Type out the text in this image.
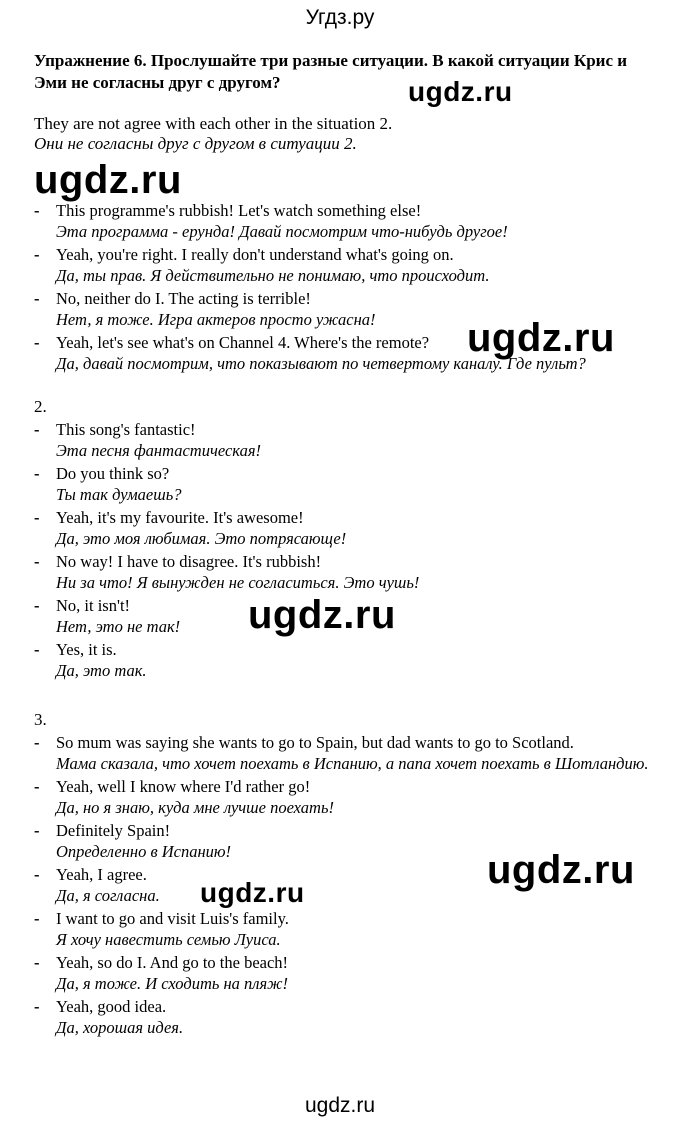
Угдз.ру
Упражнение 6. Прослушайте три разные ситуации. В какой ситуации Крис и Эми не согласны друг с другом?
They are not agree with each other in the situation 2.
Они не согласны друг с другом в ситуации 2.
ugdz.ru
ugdz.ru
ugdz.ru
ugdz.ru
ugdz.ru
ugdz.ru
- This programme's rubbish! Let's watch something else!
Эта программа - ерунда! Давай посмотрим что-нибудь другое!
- Yeah, you're right. I really don't understand what's going on.
Да, ты прав. Я действительно не понимаю, что происходит.
- No, neither do I. The acting is terrible!
Нет, я тоже. Игра актеров просто ужасна!
- Yeah, let's see what's on Channel 4. Where's the remote?
Да, давай посмотрим, что показывают по четвертому каналу. Где пульт?
2.
- This song's fantastic!
Эта песня фантастическая!
- Do you think so?
Ты так думаешь?
- Yeah, it's my favourite. It's awesome!
Да, это моя любимая. Это потрясающе!
- No way! I have to disagree. It's rubbish!
Ни за что! Я вынужден не согласиться. Это чушь!
- No, it isn't!
Нет, это не так!
- Yes, it is.
Да, это так.
3.
- So mum was saying she wants to go to Spain, but dad wants to go to Scotland.
Мама сказала, что хочет поехать в Испанию, а папа хочет поехать в Шотландию.
- Yeah, well I know where I'd rather go!
Да, но я знаю, куда мне лучше поехать!
- Definitely Spain!
Определенно в Испанию!
- Yeah, I agree.
Да, я согласна.
- I want to go and visit Luis's family.
Я хочу навестить семью Луиса.
- Yeah, so do I. And go to the beach!
Да, я тоже. И сходить на пляж!
- Yeah, good idea.
Да, хорошая идея.
ugdz.ru
